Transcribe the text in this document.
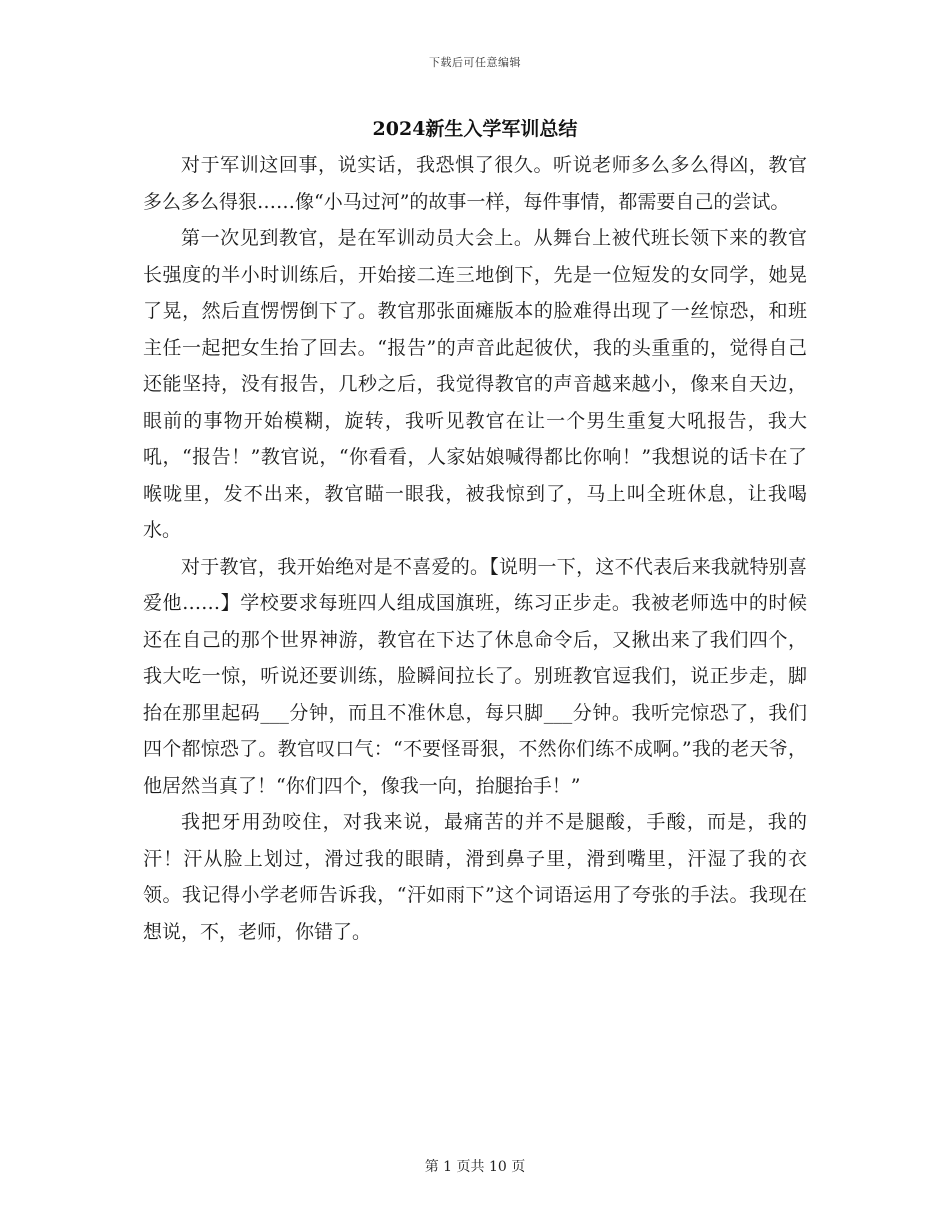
下载后可任意编辑
2024新生入学军训总结

对于军训这回事，说实话，我恐惧了很久。听说老师多么多么得凶，教官多么多么得狠……像“小马过河”的故事一样，每件事情，都需要自己的尝试。

第一次见到教官，是在军训动员大会上。从舞台上被代班长领下来的教官长强度的半小时训练后，开始接二连三地倒下，先是一位短发的女同学，她晃了晃，然后直愣愣倒下了。教官那张面瘫版本的脸难得出现了一丝惊恐，和班主任一起把女生抬了回去。“报告”的声音此起彼伏，我的头重重的，觉得自己还能坚持，没有报告，几秒之后，我觉得教官的声音越来越小，像来自天边，眼前的事物开始模糊，旋转，我听见教官在让一个男生重复大吼报告，我大吼，“报告！”教官说，“你看看，人家姑娘喊得都比你响！”我想说的话卡在了喉咙里，发不出来，教官瞄一眼我，被我惊到了，马上叫全班休息，让我喝水。

对于教官，我开始绝对是不喜爱的。【说明一下，这不代表后来我就特别喜爱他……】学校要求每班四人组成国旗班，练习正步走。我被老师选中的时候还在自己的那个世界神游，教官在下达了休息命令后，又揪出来了我们四个，我大吃一惊，听说还要训练，脸瞬间拉长了。别班教官逗我们，说正步走，脚抬在那里起码___分钟，而且不准休息，每只脚___分钟。我听完惊恐了，我们四个都惊恐了。教官叹口气：“不要怪哥狠，不然你们练不成啊。”我的老天爷，他居然当真了！“你们四个，像我一向，抬腿抬手！”

我把牙用劲咬住，对我来说，最痛苦的并不是腿酸，手酸，而是，我的汗！汗从脸上划过，滑过我的眼睛，滑到鼻子里，滑到嘴里，汗湿了我的衣领。我记得小学老师告诉我，“汗如雨下”这个词语运用了夸张的手法。我现在想说，不，老师，你错了。

第 1 页共 10 页
